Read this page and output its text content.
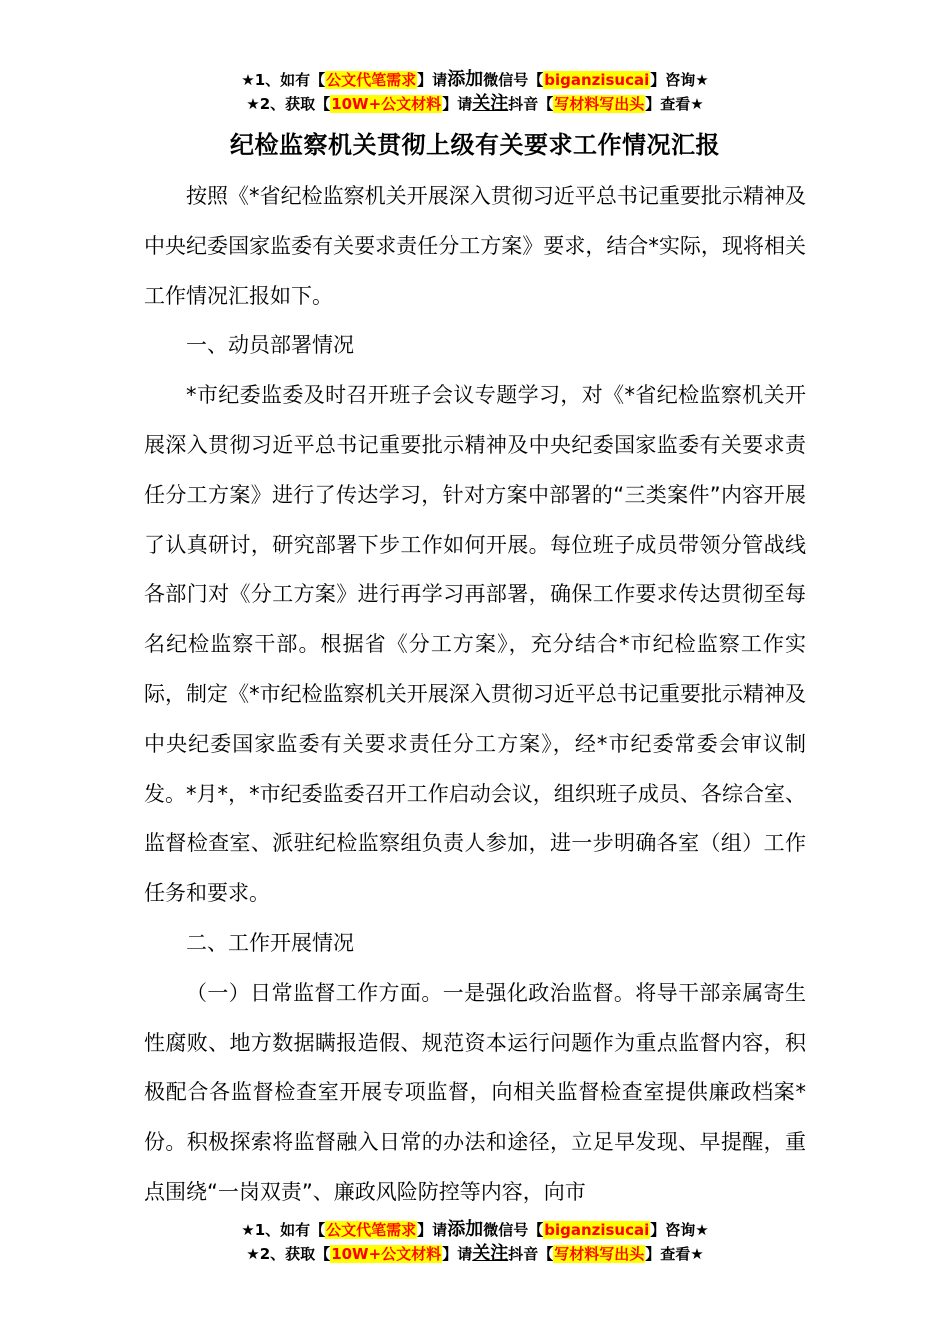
★1、如有【公文代笔需求】请添加微信号【biganzisucai】咨询★
★2、获取【10W+公文材料】请关注抖音【写材料写出头】查看★
纪检监察机关贯彻上级有关要求工作情况汇报

按照《*省纪检监察机关开展深入贯彻习近平总书记重要批示精神及中央纪委国家监委有关要求责任分工方案》要求，结合*实际，现将相关工作情况汇报如下。

一、动员部署情况

*市纪委监委及时召开班子会议专题学习，对《*省纪检监察机关开展深入贯彻习近平总书记重要批示精神及中央纪委国家监委有关要求责任分工方案》进行了传达学习，针对方案中部署的“三类案件”内容开展了认真研讨，研究部署下步工作如何开展。每位班子成员带领分管战线各部门对《分工方案》进行再学习再部署，确保工作要求传达贯彻至每名纪检监察干部。根据省《分工方案》，充分结合*市纪检监察工作实际，制定《*市纪检监察机关开展深入贯彻习近平总书记重要批示精神及中央纪委国家监委有关要求责任分工方案》，经*市纪委常委会审议制发。*月*，*市纪委监委召开工作启动会议，组织班子成员、各综合室、监督检查室、派驻纪检监察组负责人参加，进一步明确各室（组）工作任务和要求。

二、工作开展情况

（一）日常监督工作方面。一是强化政治监督。将导干部亲属寄生性腐败、地方数据瞒报造假、规范资本运行问题作为重点监督内容，积极配合各监督检查室开展专项监督，向相关监督检查室提供廉政档案*份。积极探索将监督融入日常的办法和途径，立足早发现、早提醒，重点围绕“一岗双责”、廉政风险防控等内容，向市

★1、如有【公文代笔需求】请添加微信号【biganzisucai】咨询★
★2、获取【10W+公文材料】请关注抖音【写材料写出头】查看★
